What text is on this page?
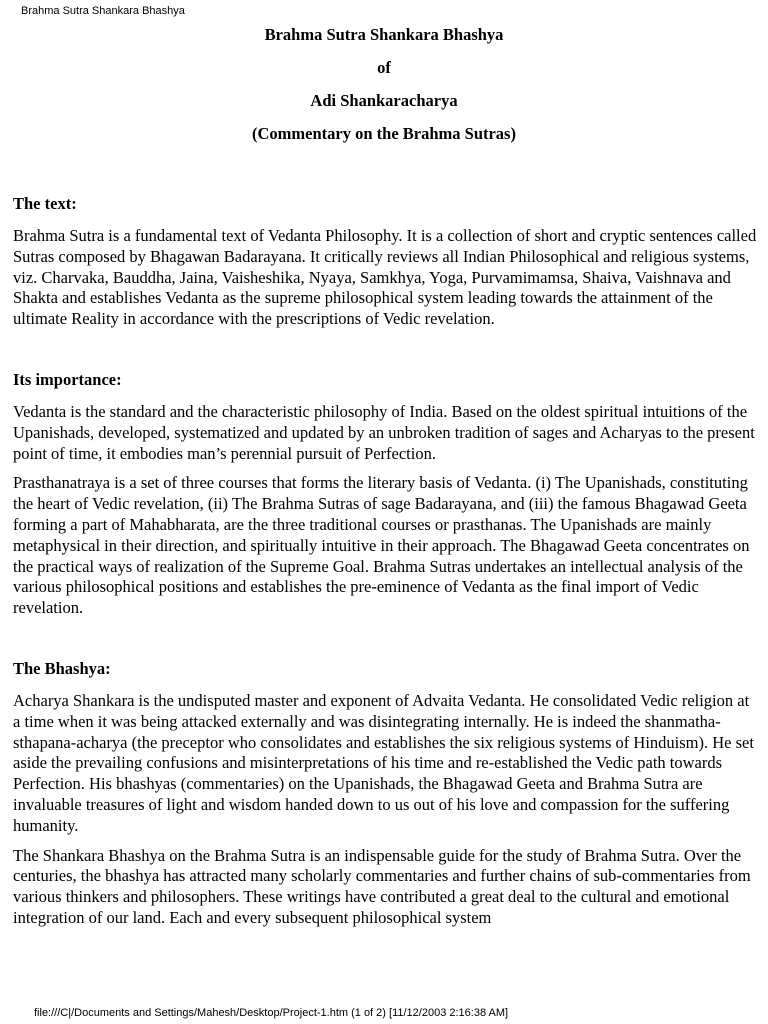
Brahma Sutra Shankara Bhashya
Brahma Sutra Shankara Bhashya
of
Adi Shankaracharya
(Commentary on the Brahma Sutras)
The text:

Brahma Sutra is a fundamental text of Vedanta Philosophy. It is a collection of short and cryptic sentences called Sutras composed by Bhagawan Badarayana. It critically reviews all Indian Philosophical and religious systems, viz. Charvaka, Bauddha, Jaina, Vaisheshika, Nyaya, Samkhya, Yoga, Purvamimamsa, Shaiva, Vaishnava and Shakta and establishes Vedanta as the supreme philosophical system leading towards the attainment of the ultimate Reality in accordance with the prescriptions of Vedic revelation.

Its importance:

Vedanta is the standard and the characteristic philosophy of India. Based on the oldest spiritual intuitions of the Upanishads, developed, systematized and updated by an unbroken tradition of sages and Acharyas to the present point of time, it embodies man’s perennial pursuit of Perfection.

Prasthanatraya is a set of three courses that forms the literary basis of Vedanta. (i) The Upanishads, constituting the heart of Vedic revelation, (ii) The Brahma Sutras of sage Badarayana, and (iii) the famous Bhagawad Geeta forming a part of Mahabharata, are the three traditional courses or prasthanas. The Upanishads are mainly metaphysical in their direction, and spiritually intuitive in their approach. The Bhagawad Geeta concentrates on the practical ways of realization of the Supreme Goal. Brahma Sutras undertakes an intellectual analysis of the various philosophical positions and establishes the pre-eminence of Vedanta as the final import of Vedic revelation.

The Bhashya:

Acharya Shankara is the undisputed master and exponent of Advaita Vedanta. He consolidated Vedic religion at a time when it was being attacked externally and was disintegrating internally. He is indeed the shanmatha-sthapana-acharya (the preceptor who consolidates and establishes the six religious systems of Hinduism). He set aside the prevailing confusions and misinterpretations of his time and re-established the Vedic path towards Perfection. His bhashyas (commentaries) on the Upanishads, the Bhagawad Geeta and Brahma Sutra are invaluable treasures of light and wisdom handed down to us out of his love and compassion for the suffering humanity.

The Shankara Bhashya on the Brahma Sutra is an indispensable guide for the study of Brahma Sutra. Over the centuries, the bhashya has attracted many scholarly commentaries and further chains of sub-commentaries from various thinkers and philosophers. These writings have contributed a great deal to the cultural and emotional integration of our land. Each and every subsequent philosophical system

file:///C|/Documents and Settings/Mahesh/Desktop/Project-1.htm (1 of 2) [11/12/2003 2:16:38 AM]
